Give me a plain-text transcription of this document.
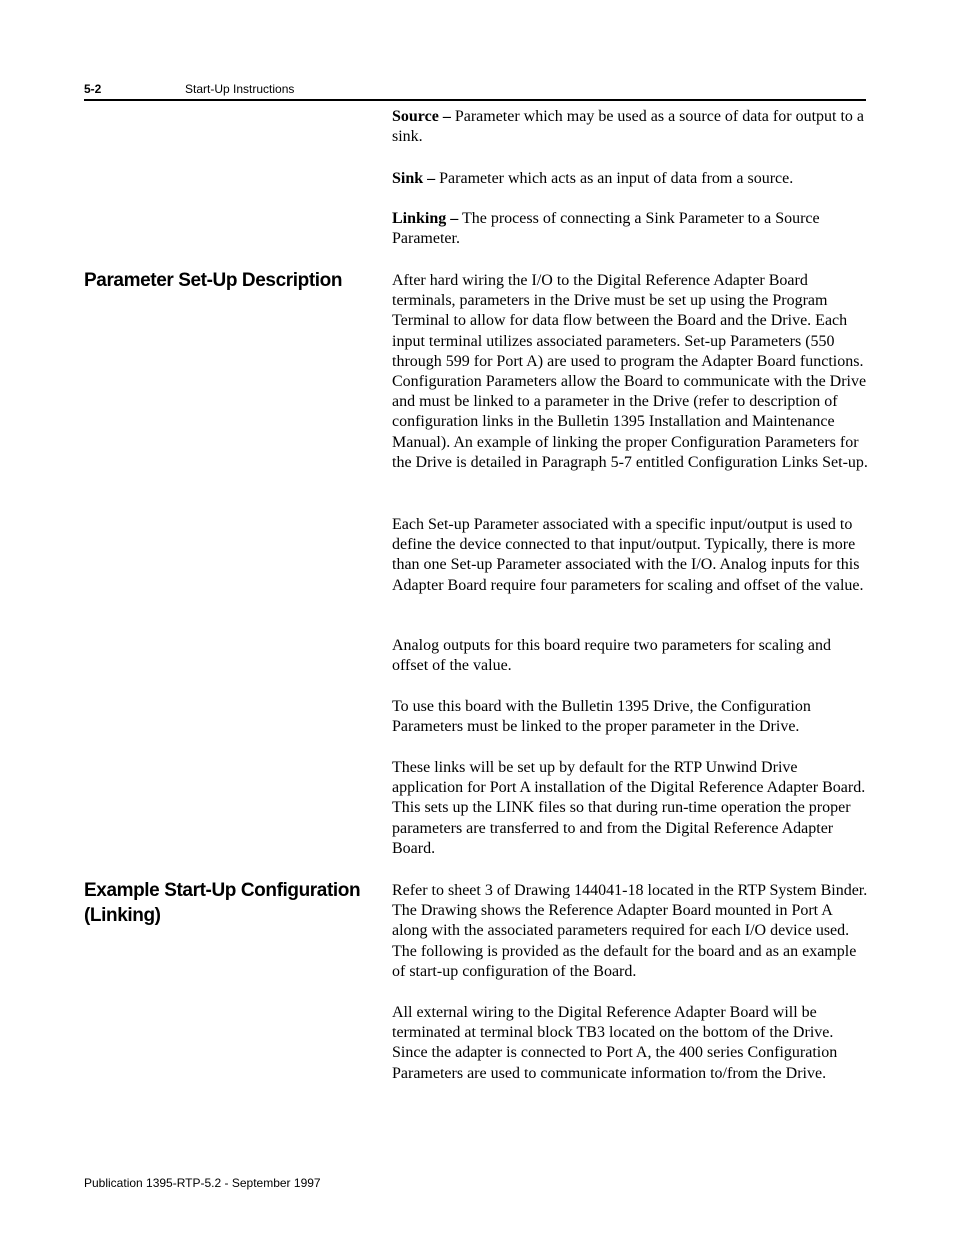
5-2	Start-Up Instructions

Source – Parameter which may be used as a source of data for output to a sink.

Sink – Parameter which acts as an input of data from a source.

Linking – The process of connecting a Sink Parameter to a Source Parameter.

Parameter Set-Up Description	After hard wiring the I/O to the Digital Reference Adapter Board terminals, parameters in the Drive must be set up using the Program Terminal to allow for data flow between the Board and the Drive. Each input terminal utilizes associated parameters. Set-up Parameters (550 through 599 for Port A) are used to program the Adapter Board functions. Configuration Parameters allow the Board to communicate with the Drive and must be linked to a parameter in the Drive (refer to description of configuration links in the Bulletin 1395 Installation and Maintenance Manual). An example of linking the proper Configuration Parameters for the Drive is detailed in Paragraph 5-7 entitled Configuration Links Set-up.

Each Set-up Parameter associated with a specific input/output is used to define the device connected to that input/output. Typically, there is more than one Set-up Parameter associated with the I/O. Analog inputs for this Adapter Board require four parameters for scaling and offset of the value.

Analog outputs for this board require two parameters for scaling and offset of the value.

To use this board with the Bulletin 1395 Drive, the Configuration Parameters must be linked to the proper parameter in the Drive.

These links will be set up by default for the RTP Unwind Drive application for Port A installation of the Digital Reference Adapter Board. This sets up the LINK files so that during run-time operation the proper parameters are transferred to and from the Digital Reference Adapter Board.

Example Start-Up Configuration
(Linking)

Refer to sheet 3 of Drawing 144041-18 located in the RTP System Binder. The Drawing shows the Reference Adapter Board mounted in Port A along with the associated parameters required for each I/O device used. The following is provided as the default for the board and as an example of start-up configuration of the Board.

All external wiring to the Digital Reference Adapter Board will be terminated at terminal block TB3 located on the bottom of the Drive. Since the adapter is connected to Port A, the 400 series Configuration Parameters are used to communicate information to/from the Drive.

Publication 1395-RTP-5.2 - September 1997
